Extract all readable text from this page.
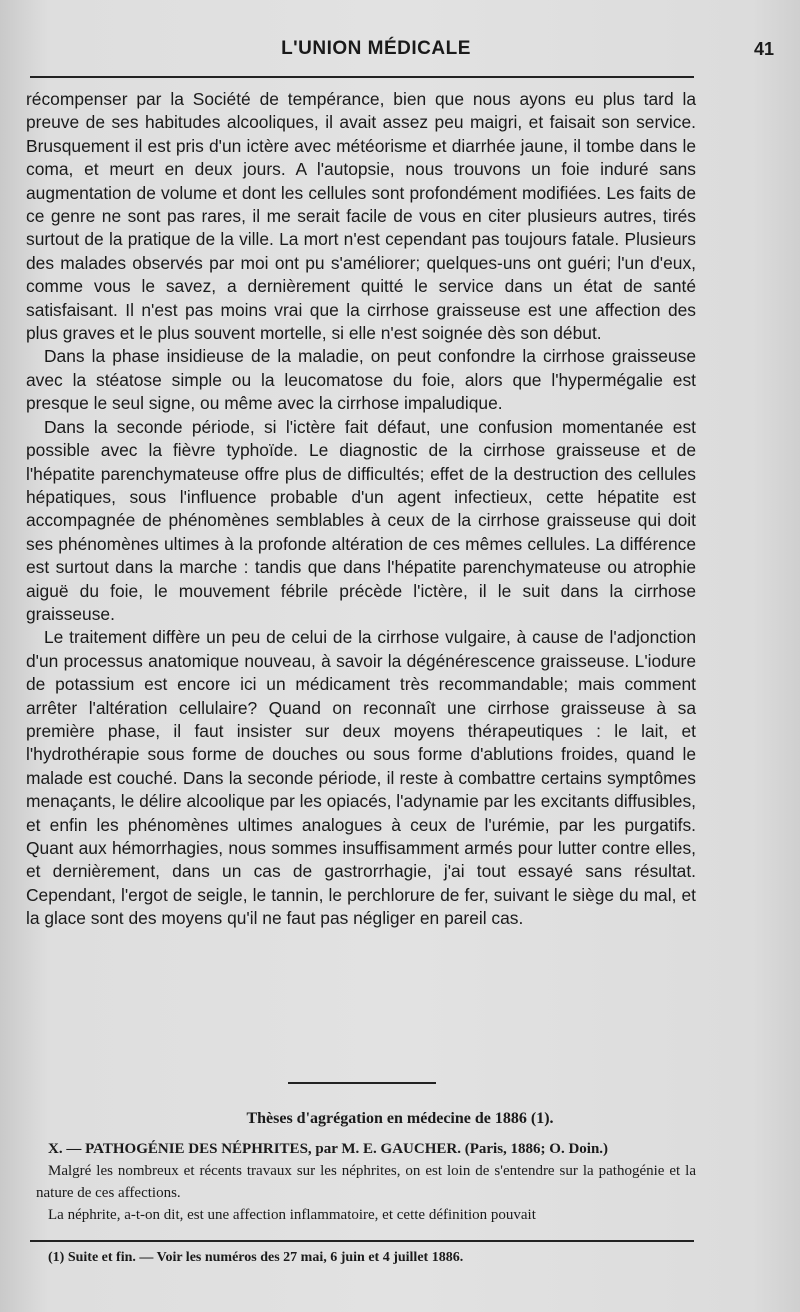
L'UNION MÉDICALE	41

récompenser par la Société de tempérance, bien que nous ayons eu plus tard la preuve de ses habitudes alcooliques, il avait assez peu maigri, et faisait son service. Brusquement il est pris d'un ictère avec météorisme et diarrhée jaune, il tombe dans le coma, et meurt en deux jours. A l'autopsie, nous trouvons un foie induré sans augmentation de volume et dont les cellules sont profondément modifiées. Les faits de ce genre ne sont pas rares, il me serait facile de vous en citer plusieurs autres, tirés surtout de la pratique de la ville. La mort n'est cependant pas toujours fatale. Plusieurs des malades observés par moi ont pu s'améliorer; quelques-uns ont guéri; l'un d'eux, comme vous le savez, a dernièrement quitté le service dans un état de santé satisfaisant. Il n'est pas moins vrai que la cirrhose graisseuse est une affection des plus graves et le plus souvent mortelle, si elle n'est soignée dès son début.

Dans la phase insidieuse de la maladie, on peut confondre la cirrhose graisseuse avec la stéatose simple ou la leucomatose du foie, alors que l'hypermégalie est presque le seul signe, ou même avec la cirrhose impaludique.

Dans la seconde période, si l'ictère fait défaut, une confusion momentanée est possible avec la fièvre typhoïde. Le diagnostic de la cirrhose graisseuse et de l'hépatite parenchymateuse offre plus de difficultés; effet de la destruction des cellules hépatiques, sous l'influence probable d'un agent infectieux, cette hépatite est accompagnée de phénomènes semblables à ceux de la cirrhose graisseuse qui doit ses phénomènes ultimes à la profonde altération de ces mêmes cellules. La différence est surtout dans la marche : tandis que dans l'hépatite parenchymateuse ou atrophie aiguë du foie, le mouvement fébrile précède l'ictère, il le suit dans la cirrhose graisseuse.

Le traitement diffère un peu de celui de la cirrhose vulgaire, à cause de l'adjonction d'un processus anatomique nouveau, à savoir la dégénérescence graisseuse. L'iodure de potassium est encore ici un médicament très recommandable; mais comment arrêter l'altération cellulaire? Quand on reconnaît une cirrhose graisseuse à sa première phase, il faut insister sur deux moyens thérapeutiques : le lait, et l'hydrothérapie sous forme de douches ou sous forme d'ablutions froides, quand le malade est couché. Dans la seconde période, il reste à combattre certains symptômes menaçants, le délire alcoolique par les opiacés, l'adynamie par les excitants diffusibles, et enfin les phénomènes ultimes analogues à ceux de l'urémie, par les purgatifs. Quant aux hémorrhagies, nous sommes insuffisamment armés pour lutter contre elles, et dernièrement, dans un cas de gastrorrhagie, j'ai tout essayé sans résultat. Cependant, l'ergot de seigle, le tannin, le perchlorure de fer, suivant le siège du mal, et la glace sont des moyens qu'il ne faut pas négliger en pareil cas.

Thèses d'agrégation en médecine de 1886 (1).

X. — PATHOGÉNIE DES NÉPHRITES, par M. E. GAUCHER. (Paris, 1886; O. Doin.)

Malgré les nombreux et récents travaux sur les néphrites, on est loin de s'entendre sur la pathogénie et la nature de ces affections.

La néphrite, a-t-on dit, est une affection inflammatoire, et cette définition pouvait

(1) Suite et fin. — Voir les numéros des 27 mai, 6 juin et 4 juillet 1886.
